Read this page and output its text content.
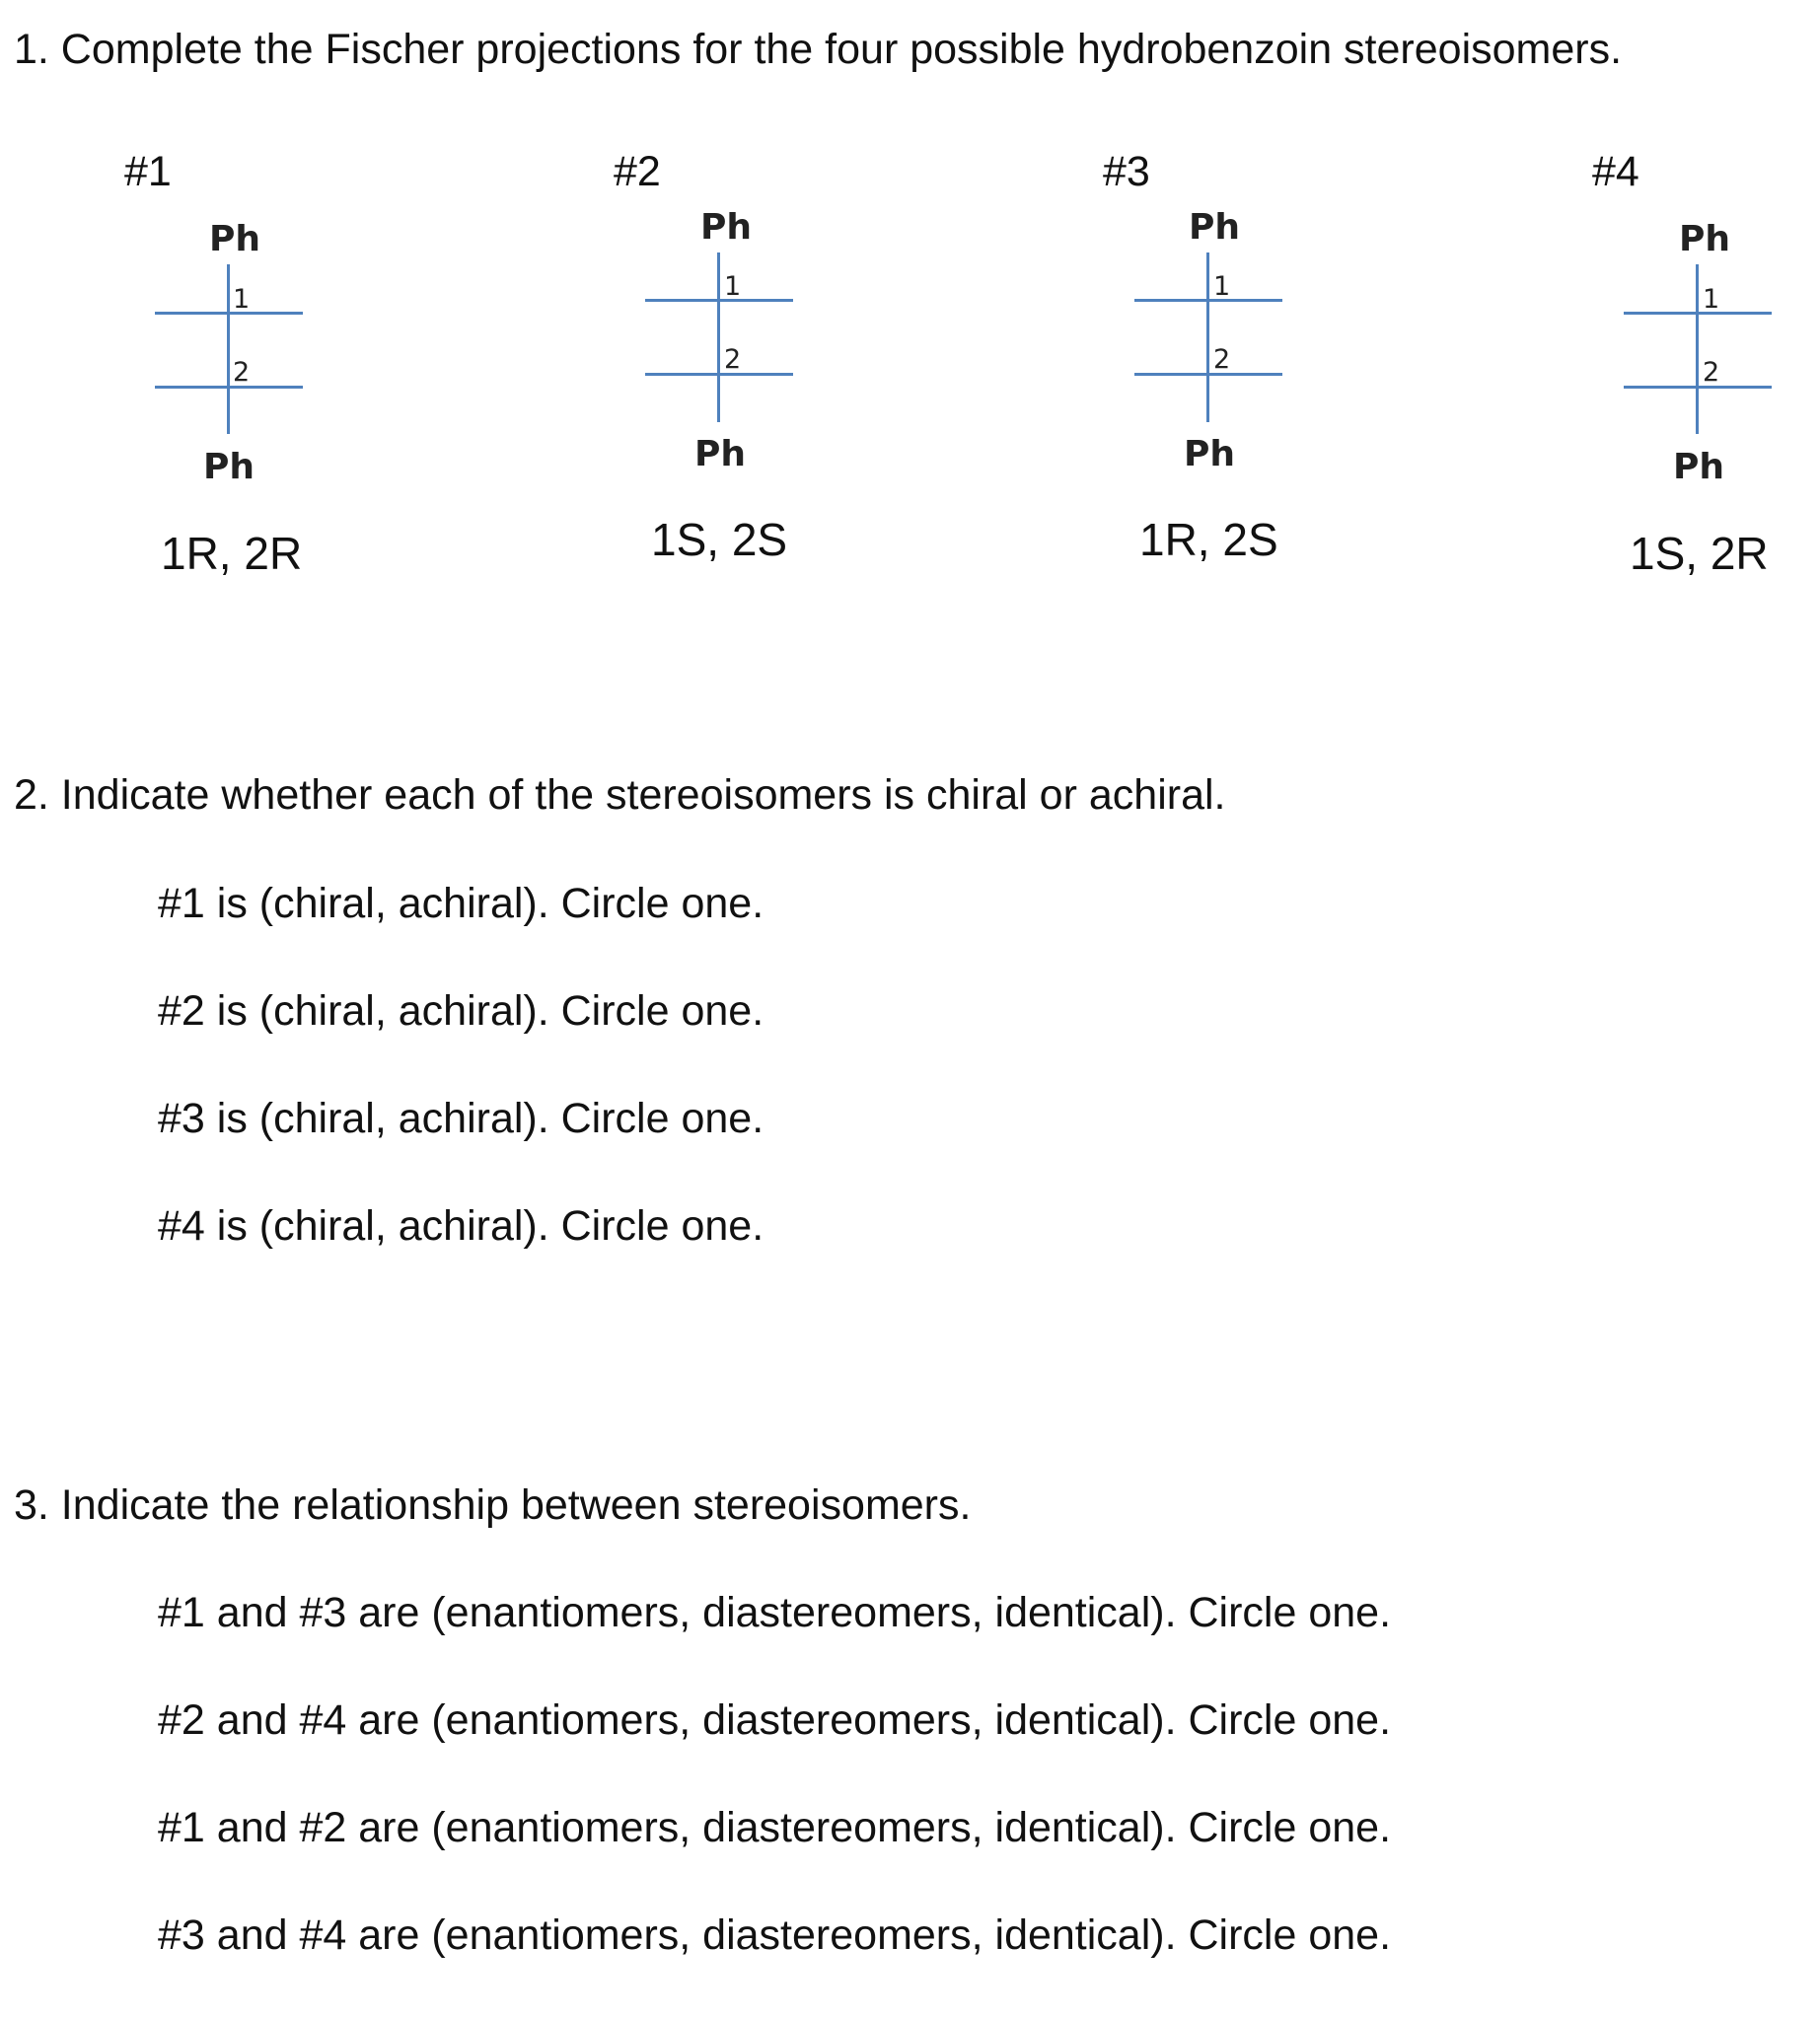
1. Complete the Fischer projections for the four possible hydrobenzoin stereoisomers.
#1
Ph
1
2
Ph
1R, 2R
#2
Ph
1
2
Ph
1S, 2S
#3
Ph
1
2
Ph
1R, 2S
#4
Ph
1
2
Ph
1S, 2R
2. Indicate whether each of the stereoisomers is chiral or achiral.
#1 is (chiral, achiral). Circle one.
#2 is (chiral, achiral). Circle one.
#3 is (chiral, achiral). Circle one.
#4 is (chiral, achiral). Circle one.
3. Indicate the relationship between stereoisomers.
#1 and #3 are (enantiomers, diastereomers, identical). Circle one.
#2 and #4 are (enantiomers, diastereomers, identical). Circle one.
#1 and #2 are (enantiomers, diastereomers, identical). Circle one.
#3 and #4 are (enantiomers, diastereomers, identical). Circle one.
